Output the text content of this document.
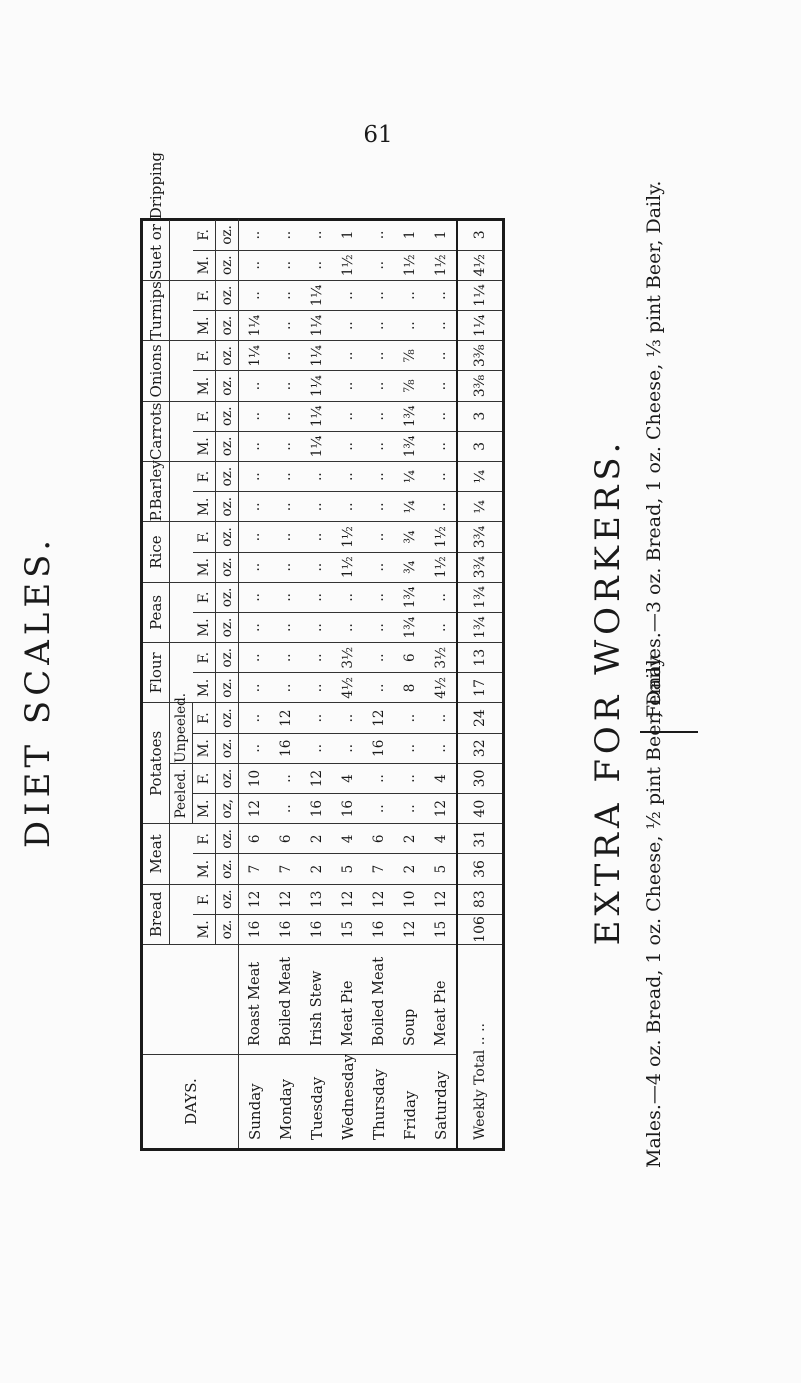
61
DIET SCALES.
DAYS.		Bread		Meat		Potatoes				Flour		Peas		Rice		P.Barley		Carrots		Onions		Turnips		Suet or Dripping		
						Peeled.		Unpeeled.																		
		M.	F.	M.	F.	M.	F.	M.	F.	M.	F.	M.	F.	M.	F.	M.	F.	M.	F.	M.	F.	M.	F.	M.	F.	
		oz.	oz.	oz.	oz.	oz,	oz.	oz.	oz.	oz.	oz.	oz.	oz.	oz.	oz.	oz.	oz.	oz.	oz.	oz.	oz.	oz.	oz.	oz.	oz.	
Sunday	Roast Meat	16	12	7	6	12	10	..	..	..	..	..	..	..	..	..	..	..	..	..	1¼	1¼	..	..	..	
Monday	Boiled Meat	16	12	7	6	..	..	16	12	..	..	..	..	..	..	..	..	..	..	..	..	..	..	..	..	
Tuesday	Irish Stew	16	13	2	2	16	12	..	..	..	..	..	..	..	..	..	..	1¼	1¼	1¼	1¼	1¼	1¼	..	..	
Wednesday	Meat Pie	15	12	5	4	16	4	..	..	4½	3½	..	..	1½	1½	..	..	..	..	..	..	..	..	1½	1	
Thursday	Boiled Meat	16	12	7	6	..	..	16	12	..	..	..	..	..	..	..	..	..	..	..	..	..	..	..	..	
Friday	Soup	12	10	2	2	..	..	..	..	8	6	1¾	1¾	¾	¾	¼	¼	1¾	1¾	⅞	⅞	..	..	1½	1	
Saturday	Meat Pie	15	12	5	4	12	4	..	..	4½	3½	..	..	1½	1½	..	..	..	..	..	..	..	..	1½	1	
Weekly Total .. ..		106	83	36	31	40	30	32	24	17	13	1¾	1¾	3¾	3¾	¼	¼	3	3	3⅜	3⅜	1¼	1¼	4½	3	
EXTRA FOR WORKERS. Males.—4 oz. Bread, 1 oz. Cheese, ½ pint Beer, Daily.
Females.—3 oz. Bread, 1 oz. Cheese, ⅓ pint Beer, Daily.
